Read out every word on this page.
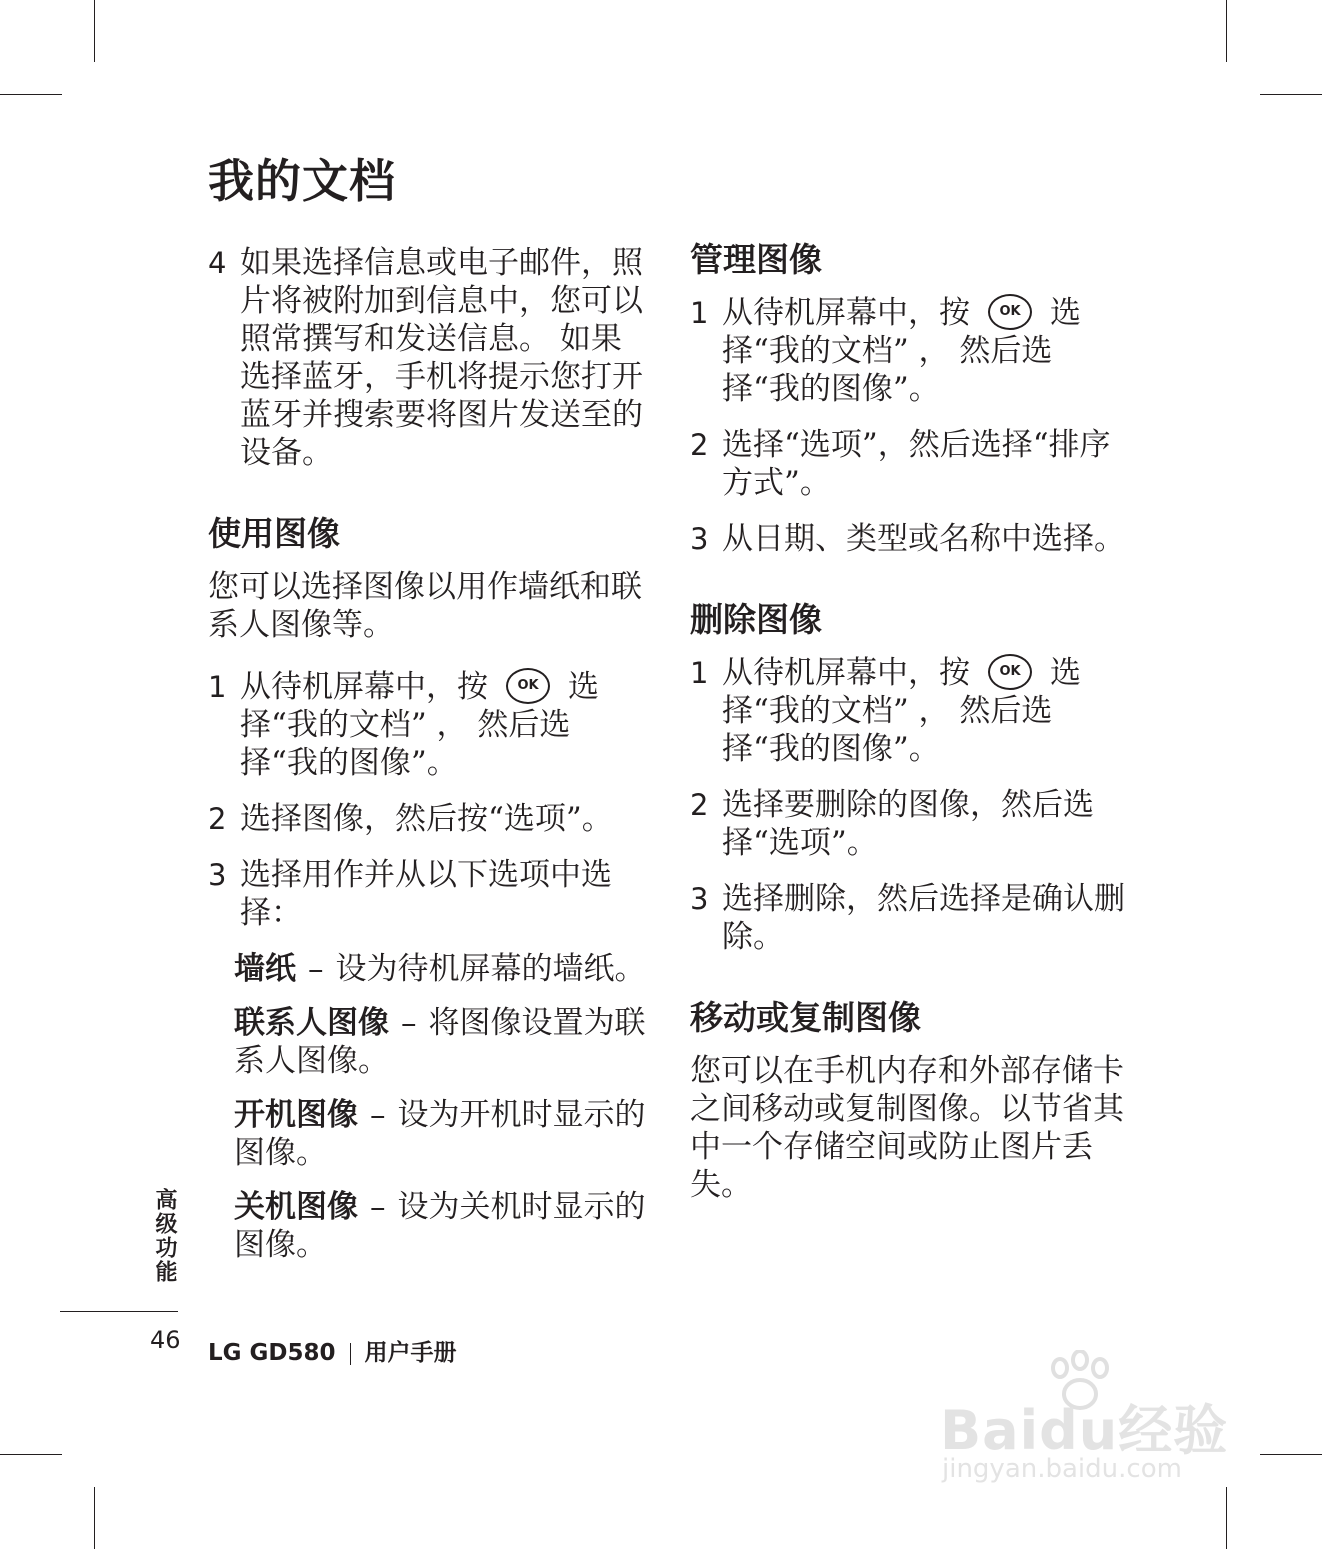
我的文档
4 如果选择信息或电子邮件，照片将被附加到信息中，您可以照常撰写和发送信息。 如果选择蓝牙，手机将提示您打开蓝牙并搜索要将图片发送至的设备。
使用图像

您可以选择图像以用作墙纸和联系人图像等。

1 从待机屏幕中，按 OK 选择“我的文档” ， 然后选择“我的图像”。
2 选择图像，然后按“选项”。
3 选择用作并从以下选项中选择：
墙纸 – 设为待机屏幕的墙纸。
联系人图像 – 将图像设置为联系人图像。
开机图像 – 设为开机时显示的图像。
关机图像 – 设为关机时显示的图像。
管理图像
1 从待机屏幕中，按 OK 选择“我的文档” ， 然后选择“我的图像”。
2 选择“选项”，然后选择“排序方式”。
3 从日期、类型或名称中选择。
删除图像
1 从待机屏幕中，按 OK 选择“我的文档” ， 然后选择“我的图像”。
2 选择要删除的图像，然后选择“选项”。
3 选择删除，然后选择是确认删除。
移动或复制图像

您可以在手机内存和外部存储卡之间移动或复制图像。以节省其中一个存储空间或防止图片丢失。

高级功能
46 LG GD580 用户手册
Baidu经验
jingyan.baidu.com
